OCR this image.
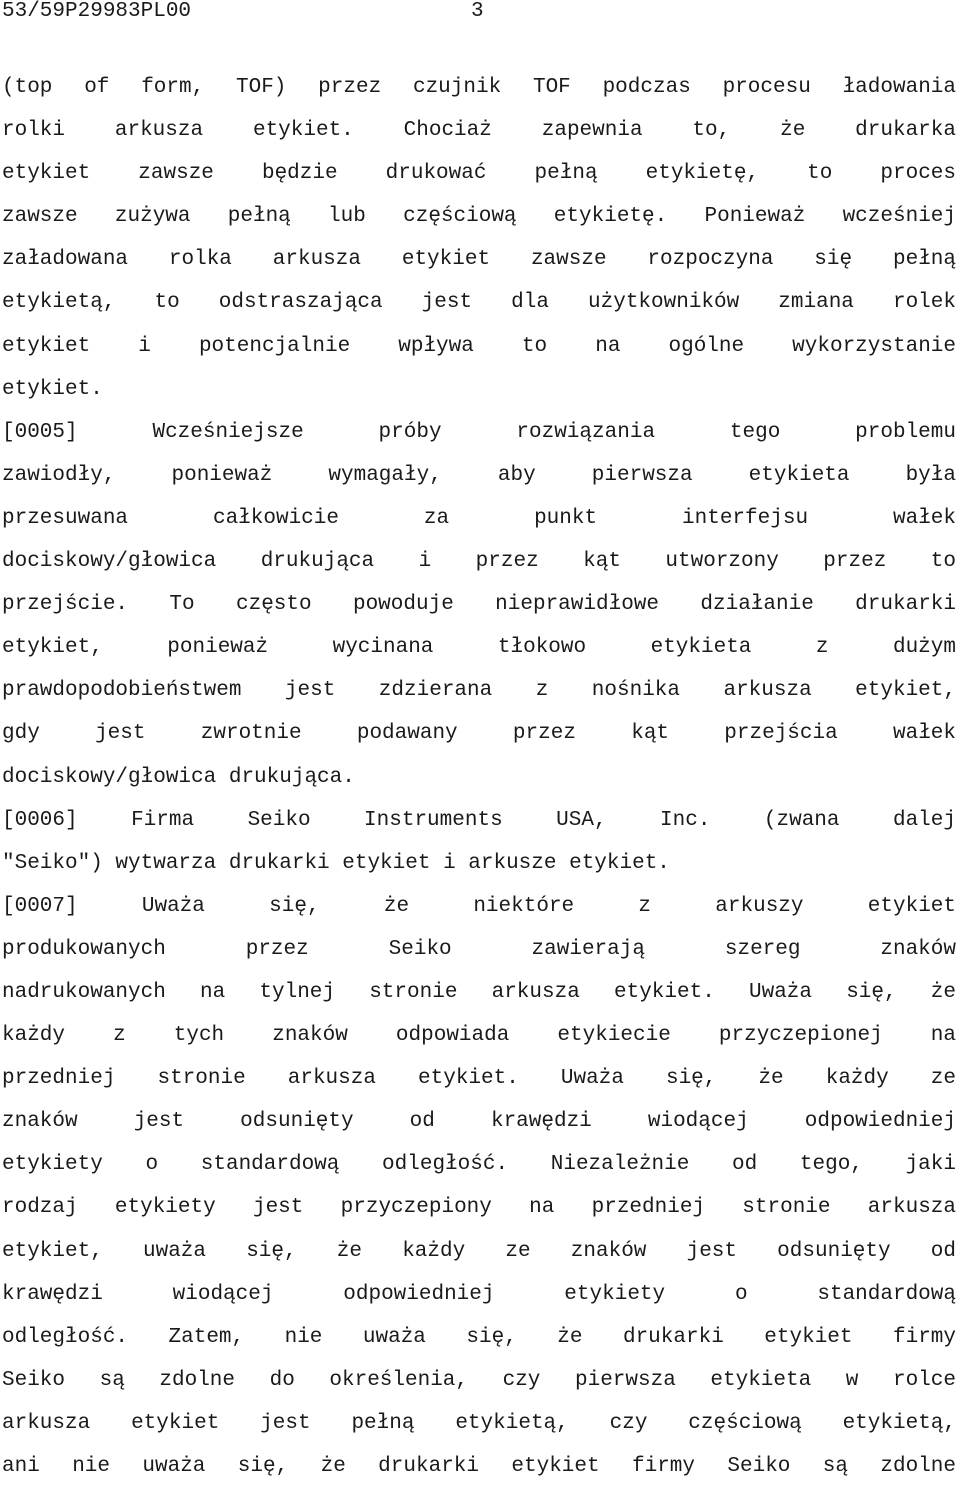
53/59P29983PL00	3
(top of form, TOF) przez czujnik TOF podczas procesu ładowania
rolki arkusza etykiet. Chociaż zapewnia to, że drukarka
etykiet zawsze będzie drukować pełną etykietę, to proces
zawsze zużywa pełną lub częściową etykietę. Ponieważ wcześniej
załadowana rolka arkusza etykiet zawsze rozpoczyna się pełną
etykietą, to odstraszająca jest dla użytkowników zmiana rolek
etykiet i potencjalnie wpływa to na ogólne wykorzystanie
etykiet.
[0005] Wcześniejsze próby rozwiązania tego problemu
zawiodły, ponieważ wymagały, aby pierwsza etykieta była
przesuwana całkowicie za punkt interfejsu wałek
dociskowy/głowica drukująca i przez kąt utworzony przez to
przejście. To często powoduje nieprawidłowe działanie drukarki
etykiet, ponieważ wycinana tłokowo etykieta z dużym
prawdopodobieństwem jest zdzierana z nośnika arkusza etykiet,
gdy jest zwrotnie podawany przez kąt przejścia wałek
dociskowy/głowica drukująca.
[0006] Firma Seiko Instruments USA, Inc. (zwana dalej
"Seiko") wytwarza drukarki etykiet i arkusze etykiet.
[0007] Uważa się, że niektóre z arkuszy etykiet
produkowanych przez Seiko zawierają szereg znaków
nadrukowanych na tylnej stronie arkusza etykiet. Uważa się, że
każdy z tych znaków odpowiada etykiecie przyczepionej na
przedniej stronie arkusza etykiet. Uważa się, że każdy ze
znaków jest odsunięty od krawędzi wiodącej odpowiedniej
etykiety o standardową odległość. Niezależnie od tego, jaki
rodzaj etykiety jest przyczepiony na przedniej stronie arkusza
etykiet, uważa się, że każdy ze znaków jest odsunięty od
krawędzi wiodącej odpowiedniej etykiety o standardową
odległość. Zatem, nie uważa się, że drukarki etykiet firmy
Seiko są zdolne do określenia, czy pierwsza etykieta w rolce
arkusza etykiet jest pełną etykietą, czy częściową etykietą,
ani nie uważa się, że drukarki etykiet firmy Seiko są zdolne
